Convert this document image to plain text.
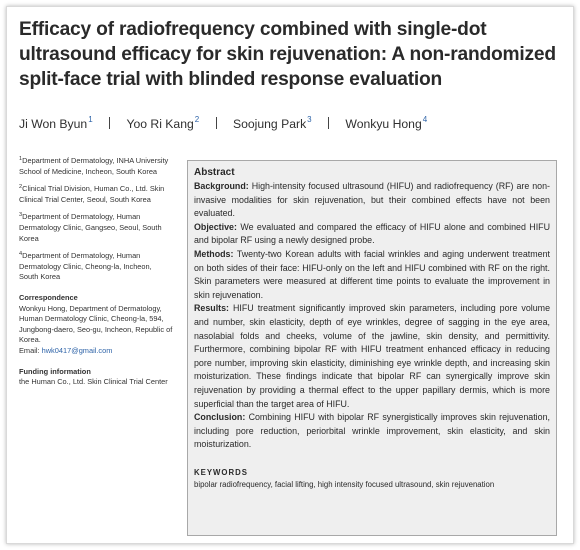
Efficacy of radiofrequency combined with single-dot ultrasound efficacy for skin rejuvenation: A non-randomized split-face trial with blinded response evaluation
Ji Won Byun$^1$	Yoo Ri Kang$^2$	Soojung Park$^3$	Wonkyu Hong$^4$
$^1$Department of Dermatology, INHA University School of Medicine, Incheon, South Korea
$^2$Clinical Trial Division, Human Co., Ltd. Skin Clinical Trial Center, Seoul, South Korea
$^3$Department of Dermatology, Human Dermatology Clinic, Gangseo, Seoul, South Korea
$^4$Department of Dermatology, Human Dermatology Clinic, Cheong-la, Incheon, South Korea
Correspondence
Wonkyu Hong, Department of Dermatology, Human Dermatology Clinic, Cheong-la, 594, Jungbong-daero, Seo-gu, Incheon, Republic of Korea.
Email: hwk0417@gmail.com
Funding information
the Human Co., Ltd. Skin Clinical Trial Center
Abstract

Background: High-intensity focused ultrasound (HIFU) and radiofrequency (RF) are non-invasive modalities for skin rejuvenation, but their combined effects have not been evaluated.

Objective: We evaluated and compared the efficacy of HIFU alone and combined HIFU and bipolar RF using a newly designed probe.

Methods: Twenty-two Korean adults with facial wrinkles and aging underwent treatment on both sides of their face: HIFU-only on the left and HIFU combined with RF on the right. Skin parameters were measured at different time points to evaluate the improvement in skin rejuvenation.

Results: HIFU treatment significantly improved skin parameters, including pore volume and number, skin elasticity, depth of eye wrinkles, degree of sagging in the eye area, nasolabial folds and cheeks, volume of the jawline, skin density, and permittivity. Furthermore, combining bipolar RF with HIFU treatment enhanced efficacy in reducing pore number, improving skin elasticity, diminishing eye wrinkle depth, and increasing skin moisturization. These findings indicate that bipolar RF can synergically improve skin rejuvenation by providing a thermal effect to the upper papillary dermis, which is more superficial than the target area of HIFU.

Conclusion: Combining HIFU with bipolar RF synergistically improves skin rejuvenation, including pore reduction, periorbital wrinkle improvement, skin elasticity, and skin moisturization.

KEYWORDS
bipolar radiofrequency, facial lifting, high intensity focused ultrasound, skin rejuvenation
